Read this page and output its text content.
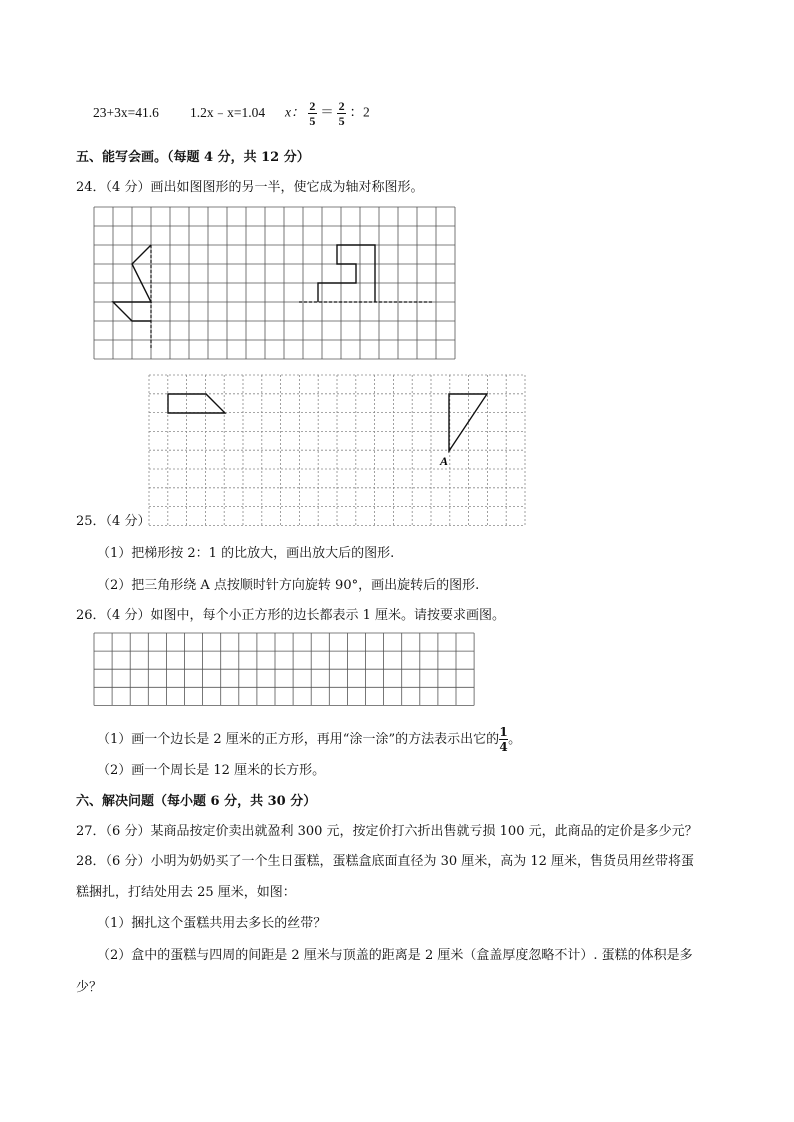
23+3x=41.6 1.2x﹣x=1.04 x： $\frac{2}{5} = \frac{2}{5}$ ：2
五、能写会画。（每题 4 分，共 12 分）
24．（4 分）画出如图图形的另一半，使它成为轴对称图形。
A
25．（4 分）
（1）把梯形按 2：1 的比放大，画出放大后的图形.
（2）把三角形绕 A 点按顺时针方向旋转 90°，画出旋转后的图形.
26．（4 分）如图中，每个小正方形的边长都表示 1 厘米。请按要求画图。
（1）画一个边长是 2 厘米的正方形，再用“涂一涂”的方法表示出它的 $\frac{1}{4}$ 。
（2）画一个周长是 12 厘米的长方形。
六、解决问题（每小题 6 分，共 30 分）
27．（6 分）某商品按定价卖出就盈利 300 元，按定价打六折出售就亏损 100 元，此商品的定价是多少元？
28．（6 分）小明为奶奶买了一个生日蛋糕，蛋糕盒底面直径为 30 厘米，高为 12 厘米，售货员用丝带将蛋
糕捆扎，打结处用去 25 厘米，如图：
（1）捆扎这个蛋糕共用去多长的丝带？
（2）盒中的蛋糕与四周的间距是 2 厘米与顶盖的距离是 2 厘米（盒盖厚度忽略不计）. 蛋糕的体积是多
少？
